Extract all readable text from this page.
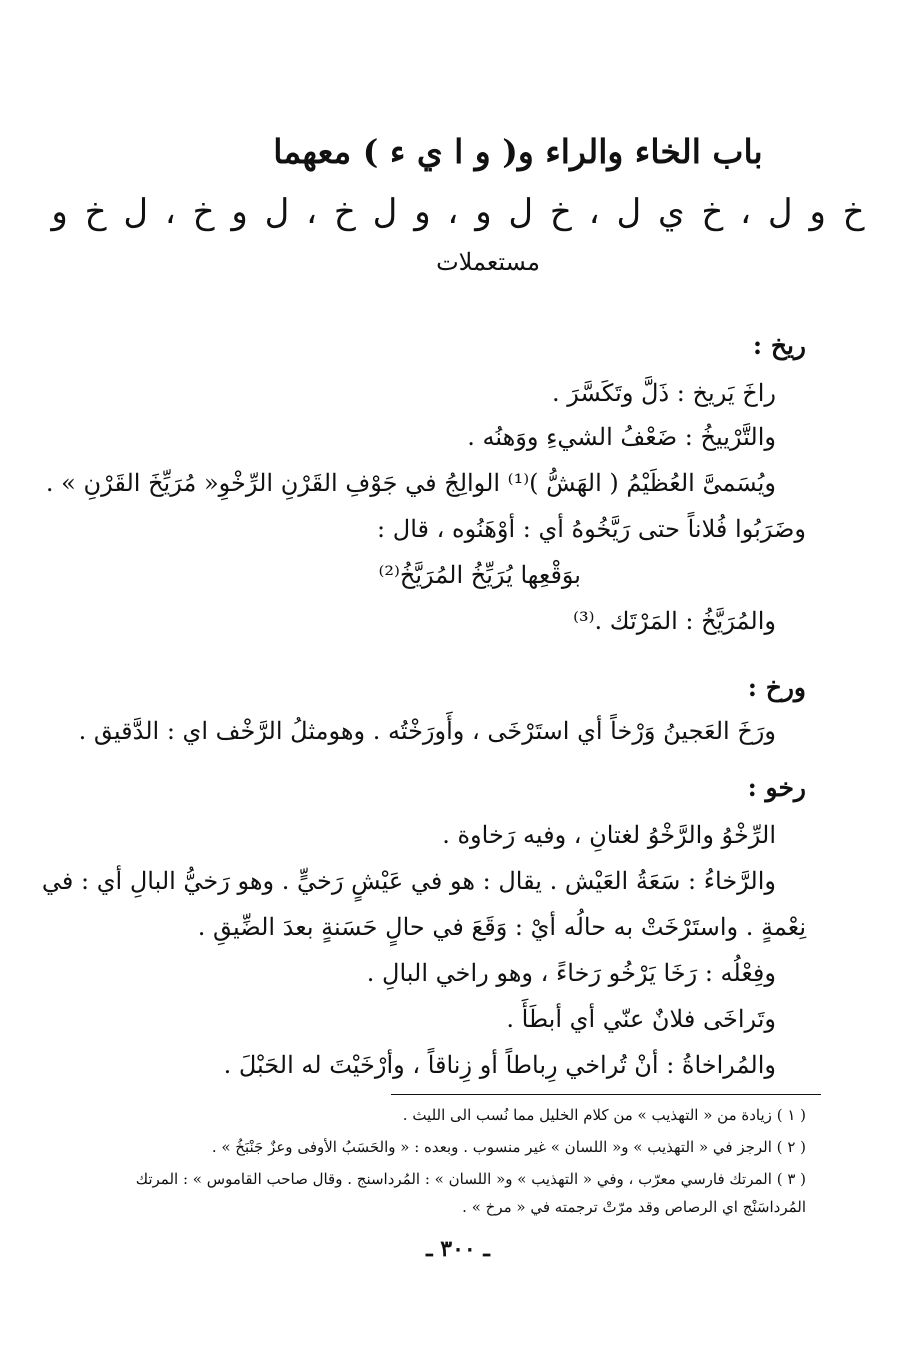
باب الخاء والراء و( و ا ي ء ) معهما
خ و ل ، خ ي ل ، خ ل و ، و ل خ ، ل و خ ، ل خ و
مستعملات
ريخ :
راخَ يَريخ : ذَلَّ وتَكَسَّرَ .
والتَّرْييخُ : ضَعْفُ الشيءِ ووَهنُه .
ويُسَمىَّ العُظَيْمُ ( الهَشُّ )⁽¹⁾ الوالِجُ في جَوْفِ القَرْنِ الرِّخْوِ« مُرَيِّخَ القَرْنِ » .
وضَرَبُوا فُلاناً حتى رَيَّخُوهُ أي : أوْهَنُوه ، قال :
بوَقْعِها يُرَيِّخُ المُرَيَّخُ⁽²⁾
والمُرَيَّخُ : المَرْتَك .⁽³⁾
ورخ :
ورَخَ العَجينُ وَرْخاً أي استَرْخَى ، وأَورَخْتُه . وهومثلُ الرَّخْف اي : الدَّقيق .
رخو :
الرِّخْوُ والرَّخْوُ لغتانِ ، وفيه رَخاوة .
والرَّخاءُ : سَعَةُ العَيْش . يقال : هو في عَيْشٍ رَخيٍّ . وهو رَخيُّ البالِ أي : في
نِعْمةٍ . واستَرْخَتْ به حالُه أيْ : وَقَعَ في حالٍ حَسَنةٍ بعدَ الضِّيقِ .
وفِعْلُه : رَخَا يَرْخُو رَخاءً ، وهو راخي البالِ .
وتَراخَى فلانٌ عنّي أي أبطَأَ .
والمُراخاةُ : أنْ تُراخي رِباطاً أو زِناقاً ، وأرْخَيْتَ له الحَبْلَ .
( ١ ) زيادة من « التهذيب » من كلام الخليل مما نُسب الى الليث .
( ٢ ) الرجز في « التهذيب » و« اللسان » غير منسوب . وبعده : « والحَسَبُ الأوفى وعزٌ جَنْبَخُ » .
( ٣ ) المرتك فارسي معرّب ، وفي « التهذيب » و« اللسان » : المُرداسنج . وقال صاحب القاموس » : المرتك
المُرداسَنْج اي الرصاص وقد مرّتْ ترجمته في « مرخ » .
ـ ٣٠٠ ـ
